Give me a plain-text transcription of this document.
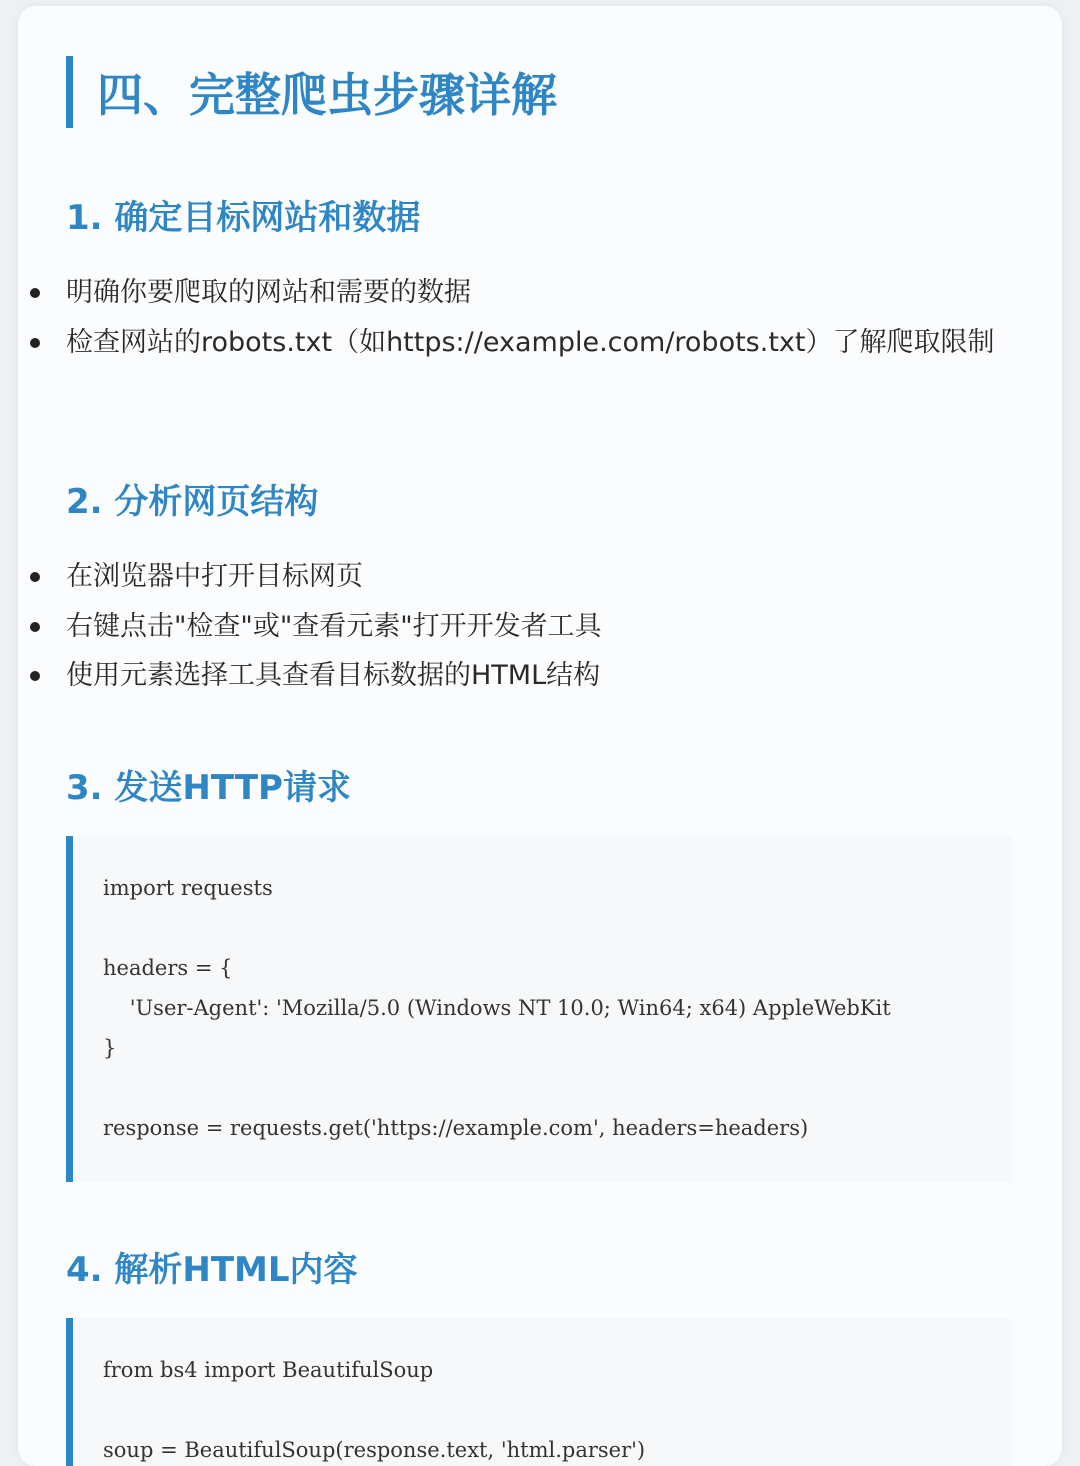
四、完整爬虫步骤详解
1. 确定目标网站和数据
明确你要爬取的网站和需要的数据
检查网站的robots.txt（如https://example.com/robots.txt）了解爬取限制
2. 分析网页结构
在浏览器中打开目标网页
右键点击"检查"或"查看元素"打开开发者工具
使用元素选择工具查看目标数据的HTML结构
3. 发送HTTP请求
import requests
headers = {
'User-Agent': 'Mozilla/5.0 (Windows NT 10.0; Win64; x64) AppleWebKit
}
response = requests.get('https://example.com', headers=headers)
4. 解析HTML内容
from bs4 import BeautifulSoup
soup = BeautifulSoup(response.text, 'html.parser')
